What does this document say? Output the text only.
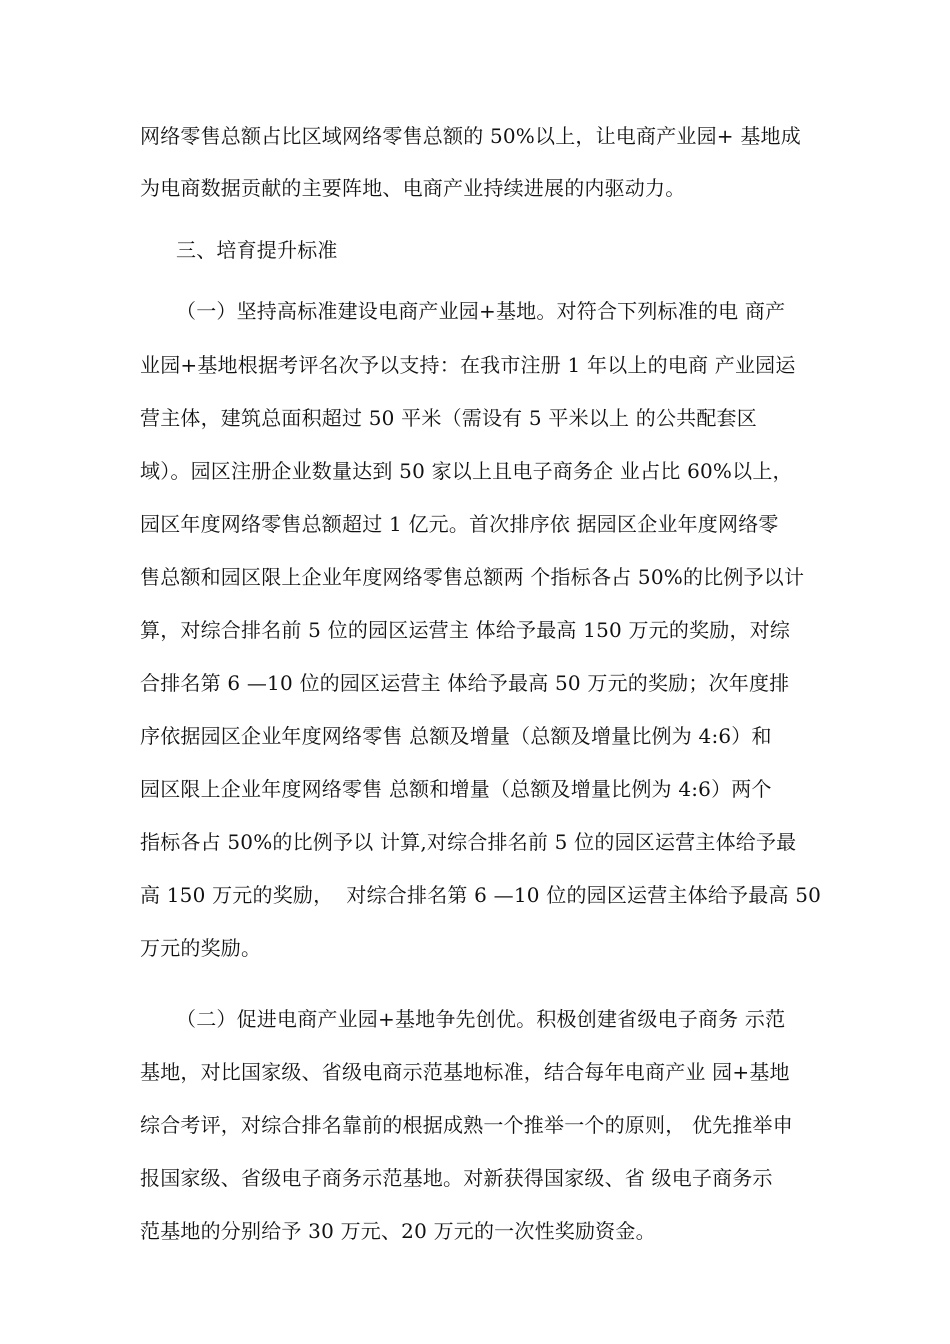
网络零售总额占比区域网络零售总额的 50%以上，让电商产业园+ 基地成
为电商数据贡献的主要阵地、电商产业持续进展的内驱动力。
三、培育提升标准
（一）坚持高标准建设电商产业园+基地。对符合下列标准的电 商产
业园+基地根据考评名次予以支持：在我市注册 1 年以上的电商 产业园运
营主体，建筑总面积超过 50 平米（需设有 5 平米以上 的公共配套区
域）。园区注册企业数量达到 50 家以上且电子商务企 业占比 60%以上，
园区年度网络零售总额超过 1 亿元。首次排序依 据园区企业年度网络零
售总额和园区限上企业年度网络零售总额两 个指标各占 50%的比例予以计
算，对综合排名前 5 位的园区运营主 体给予最高 150 万元的奖励，对综
合排名第 6 —10 位的园区运营主 体给予最高 50 万元的奖励；次年度排
序依据园区企业年度网络零售 总额及增量（总额及增量比例为 4:6）和
园区限上企业年度网络零售 总额和增量（总额及增量比例为 4:6）两个
指标各占 50%的比例予以 计算,对综合排名前 5 位的园区运营主体给予最
高 150 万元的奖励，  对综合排名第 6 —10 位的园区运营主体给予最高 50
万元的奖励。
（二）促进电商产业园+基地争先创优。积极创建省级电子商务 示范
基地，对比国家级、省级电商示范基地标准，结合每年电商产业 园+基地
综合考评，对综合排名靠前的根据成熟一个推举一个的原则， 优先推举申
报国家级、省级电子商务示范基地。对新获得国家级、省 级电子商务示
范基地的分别给予 30 万元、20 万元的一次性奖励资金。
